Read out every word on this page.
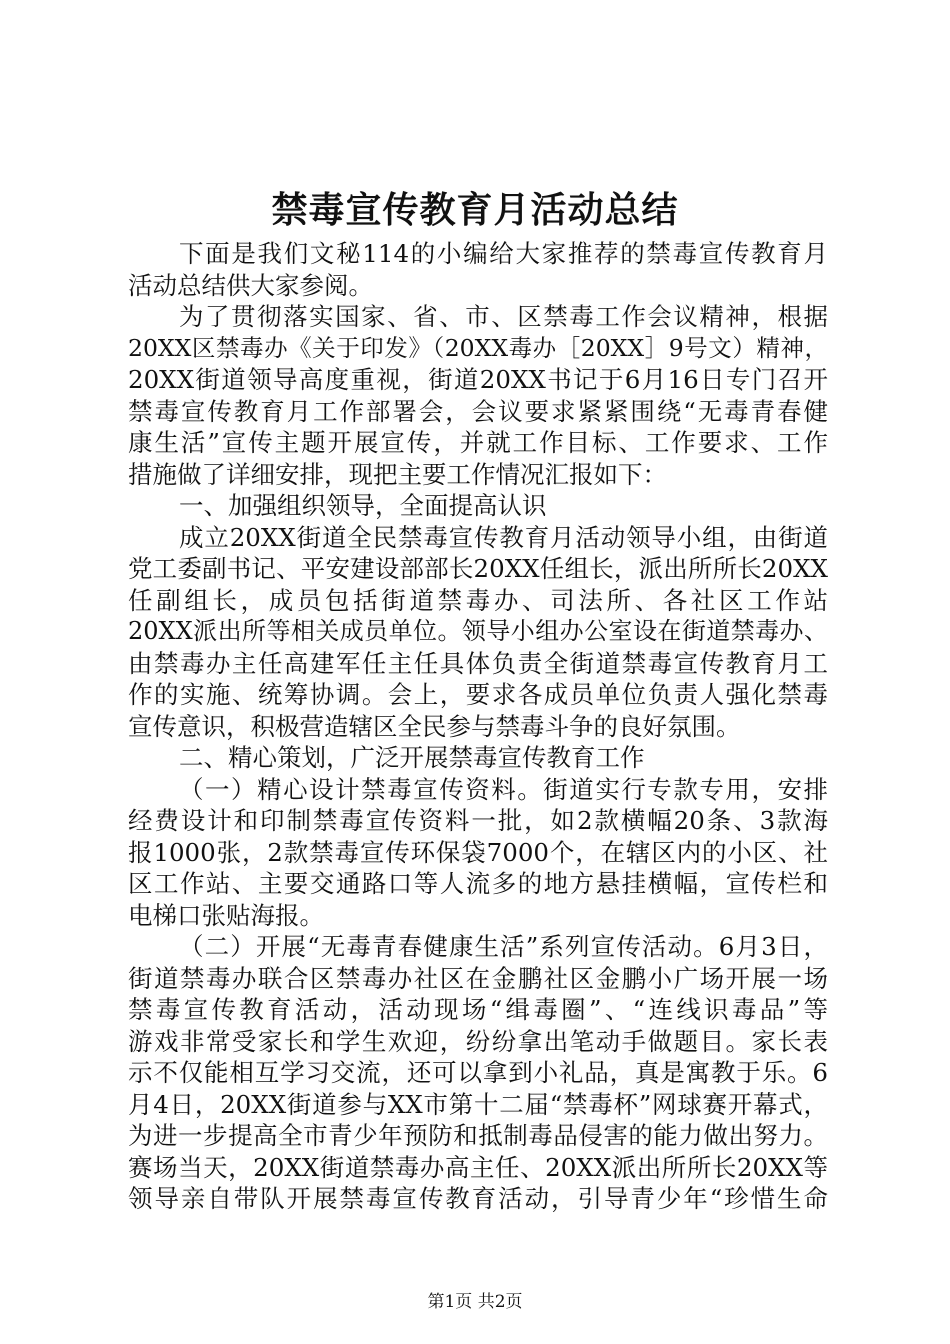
禁毒宣传教育月活动总结
下面是我们文秘114的小编给大家推荐的禁毒宣传教育月
活动总结供大家参阅。
为了贯彻落实国家、省、市、区禁毒工作会议精神，根据
20XX区禁毒办《关于印发》（20XX毒办［20XX］9号文）精神，
20XX街道领导高度重视，街道20XX书记于6月16日专门召开
禁毒宣传教育月工作部署会，会议要求紧紧围绕“无毒青春健
康生活”宣传主题开展宣传，并就工作目标、工作要求、工作
措施做了详细安排，现把主要工作情况汇报如下：
一、加强组织领导，全面提高认识
成立20XX街道全民禁毒宣传教育月活动领导小组，由街道
党工委副书记、平安建设部部长20XX任组长，派出所所长20XX
任副组长，成员包括街道禁毒办、司法所、各社区工作站
20XX派出所等相关成员单位。领导小组办公室设在街道禁毒办、
由禁毒办主任高建军任主任具体负责全街道禁毒宣传教育月工
作的实施、统筹协调。会上，要求各成员单位负责人强化禁毒
宣传意识，积极营造辖区全民参与禁毒斗争的良好氛围。
二、精心策划，广泛开展禁毒宣传教育工作
（一）精心设计禁毒宣传资料。街道实行专款专用，安排
经费设计和印制禁毒宣传资料一批，如2款横幅20条、3款海
报1000张，2款禁毒宣传环保袋7000个，在辖区内的小区、社
区工作站、主要交通路口等人流多的地方悬挂横幅，宣传栏和
电梯口张贴海报。
（二）开展“无毒青春健康生活”系列宣传活动。6月3日，
街道禁毒办联合区禁毒办社区在金鹏社区金鹏小广场开展一场
禁毒宣传教育活动，活动现场“缉毒圈”、“连线识毒品”等
游戏非常受家长和学生欢迎，纷纷拿出笔动手做题目。家长表
示不仅能相互学习交流，还可以拿到小礼品，真是寓教于乐。6
月4日，20XX街道参与XX市第十二届“禁毒杯”网球赛开幕式，
为进一步提高全市青少年预防和抵制毒品侵害的能力做出努力。
赛场当天，20XX街道禁毒办高主任、20XX派出所所长20XX等
领导亲自带队开展禁毒宣传教育活动，引导青少年“珍惜生命
第1页 共2页
